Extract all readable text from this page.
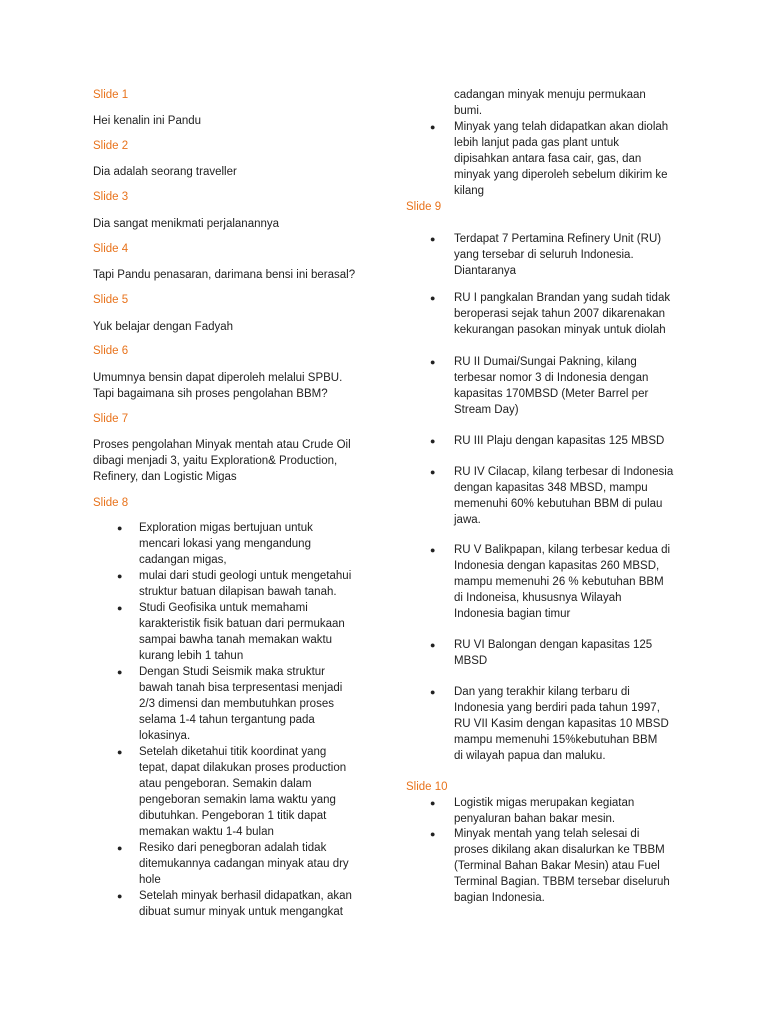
Slide 1
Hei kenalin ini Pandu
Slide 2
Dia adalah seorang traveller
Slide 3
Dia sangat menikmati perjalanannya
Slide 4
Tapi Pandu penasaran, darimana bensi ini berasal?
Slide 5
Yuk belajar dengan Fadyah
Slide 6
Umumnya bensin dapat diperoleh melalui SPBU.
Tapi bagaimana sih proses pengolahan BBM?
Slide 7
Proses pengolahan Minyak mentah atau Crude Oil
dibagi menjadi 3, yaitu Exploration& Production,
Refinery, dan Logistic Migas
Slide 8
● Exploration migas bertujuan untuk
mencari lokasi yang mengandung
cadangan migas,
● mulai dari studi geologi untuk mengetahui
struktur batuan dilapisan bawah tanah.
● Studi Geofisika untuk memahami
karakteristik fisik batuan dari permukaan
sampai bawha tanah memakan waktu
kurang lebih 1 tahun
● Dengan Studi Seismik maka struktur
bawah tanah bisa terpresentasi menjadi
2/3 dimensi dan membutuhkan proses
selama 1-4 tahun tergantung pada
lokasinya.
● Setelah diketahui titik koordinat yang
tepat, dapat dilakukan proses production
atau pengeboran. Semakin dalam
pengeboran semakin lama waktu yang
dibutuhkan. Pengeboran 1 titik dapat
memakan waktu 1-4 bulan
● Resiko dari penegboran adalah tidak
ditemukannya cadangan minyak atau dry
hole
● Setelah minyak berhasil didapatkan, akan
dibuat sumur minyak untuk mengangkat
cadangan minyak menuju permukaan
bumi.
● Minyak yang telah didapatkan akan diolah
lebih lanjut pada gas plant untuk
dipisahkan antara fasa cair, gas, dan
minyak yang diperoleh sebelum dikirim ke
kilang
● Terdapat 7 Pertamina Refinery Unit (RU)
yang tersebar di seluruh Indonesia.
Diantaranya
● RU I pangkalan Brandan yang sudah tidak
beroperasi sejak tahun 2007 dikarenakan
kekurangan pasokan minyak untuk diolah
● RU II Dumai/Sungai Pakning, kilang
terbesar nomor 3 di Indonesia dengan
kapasitas 170MBSD (Meter Barrel per
Stream Day)
● RU III Plaju dengan kapasitas 125 MBSD
● RU IV Cilacap, kilang terbesar di Indonesia
dengan kapasitas 348 MBSD, mampu
memenuhi 60% kebutuhan BBM di pulau
jawa.
● RU V Balikpapan, kilang terbesar kedua di
Indonesia dengan kapasitas 260 MBSD,
mampu memenuhi 26 % kebutuhan BBM
di Indoneisa, khususnya Wilayah
Indonesia bagian timur
● RU VI Balongan dengan kapasitas 125
MBSD
● Dan yang terakhir kilang terbaru di
Indonesia yang berdiri pada tahun 1997,
RU VII Kasim dengan kapasitas 10 MBSD
mampu memenuhi 15%kebutuhan BBM
di wilayah papua dan maluku.
● Logistik migas merupakan kegiatan
penyaluran bahan bakar mesin.
● Minyak mentah yang telah selesai di
proses dikilang akan disalurkan ke TBBM
(Terminal Bahan Bakar Mesin) atau Fuel
Terminal Bagian. TBBM tersebar diseluruh
bagian Indonesia.
Slide 9
Slide 10
